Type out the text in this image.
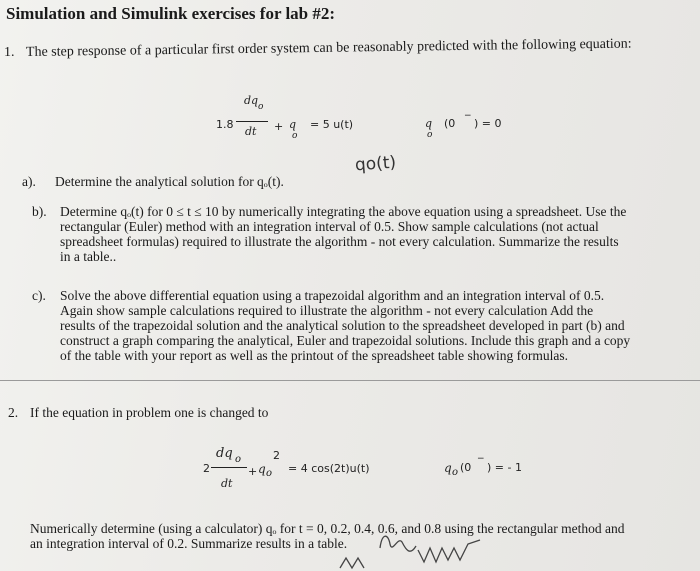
Simulation and Simulink exercises for lab #2:
1. The step response of a particular first order system can be reasonably predicted with the following equation:
1.8
dq o
dt + q
o
= 5 u(t)	q
o
(0
−
) = 0
qo(t)
a). Determine the analytical solution for qₒ(t).
b). Determine qₒ(t) for 0 ≤ t ≤ 10 by numerically integrating the above equation using a spreadsheet. Use the
rectangular (Euler) method with an integration interval of 0.5. Show sample calculations (not actual
spreadsheet formulas) required to illustrate the algorithm - not every calculation. Summarize the results
in a table..
c). Solve the above differential equation using a trapezoidal algorithm and an integration interval of 0.5.
Again show sample calculations required to illustrate the algorithm - not every calculation Add the
results of the trapezoidal solution and the analytical solution to the spreadsheet developed in part (b) and
construct a graph comparing the analytical, Euler and trapezoidal solutions. Include this graph and a copy
of the table with your report as well as the printout of the spreadsheet table showing formulas.
2. If the equation in problem one is changed to
2
dq o
dt
+ q o
2
= 4 cos(2t)u(t)	q o (0
−
) = - 1
Numerically determine (using a calculator) qₒ for t = 0, 0.2, 0.4, 0.6, and 0.8 using the rectangular method and
an integration interval of 0.2. Summarize results in a table.
